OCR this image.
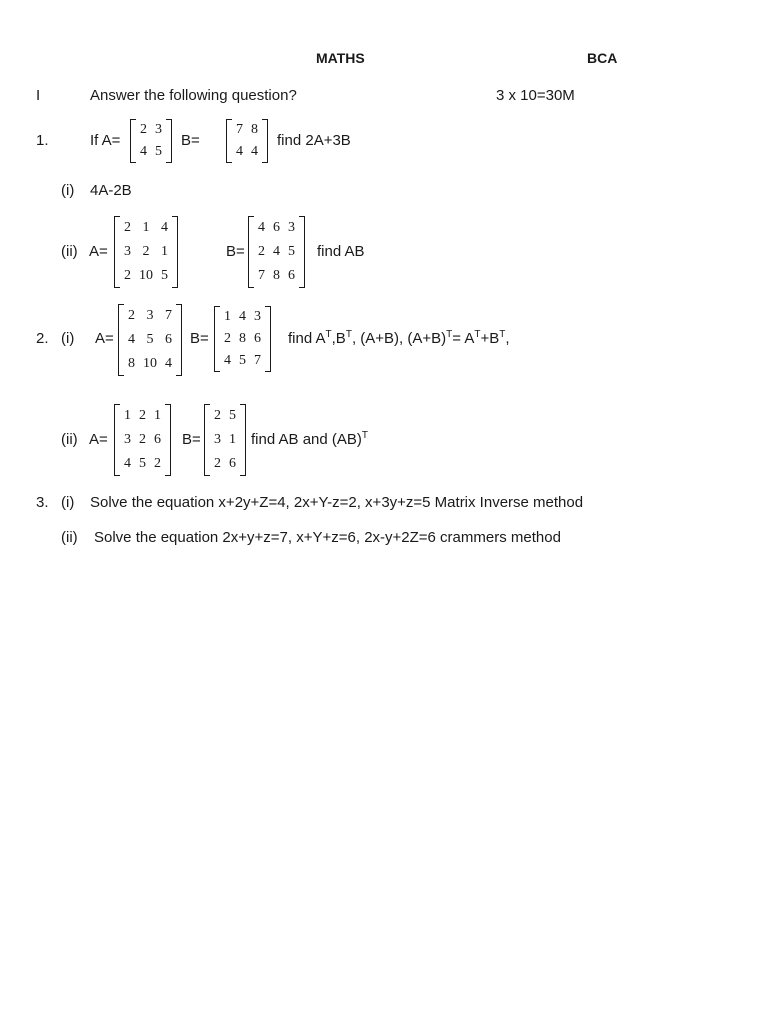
MATHS	BCA
I	Answer the following question?	3 x 10=30M
1.	If A=
2	3
4	5
B=
7	8
4	4
find 2A+3B
(i) 4A-2B
(ii) A=
2	1	4
3	2	1
2	10	5
B=
4	6	3
2	4	5
7	8	6
find AB
2. (i) A=
2	3	7
4	5	6
8	10	4
B=
1	4	3
2	8	6
4	5	7
find $A^T,B^T$, (A+B), $(A+B)^T= A^T+B^T$,
(ii) A=
1	2	1
3	2	6
4	5	2
B=
2	5
3	1
2	6
find AB and (AB)$^T$
3. (i) Solve the equation x+2y+Z=4, 2x+Y-z=2, x+3y+z=5 Matrix Inverse method
(ii) Solve the equation 2x+y+z=7, x+Y+z=6, 2x-y+2Z=6 crammers method
